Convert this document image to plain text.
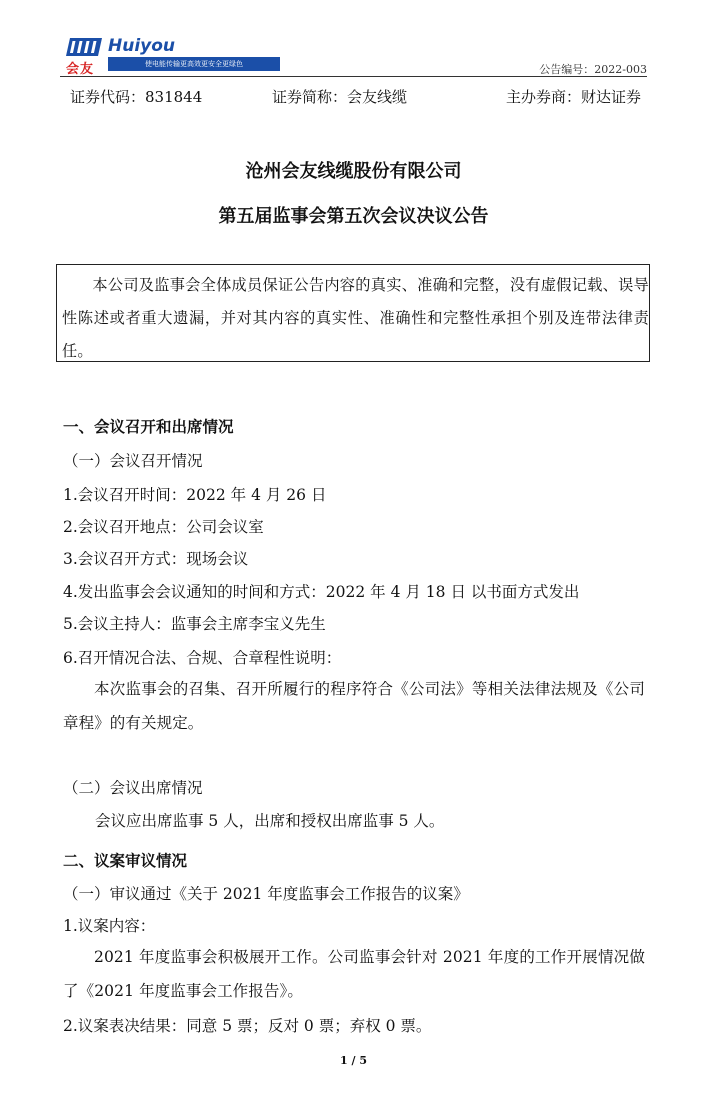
会友
Huiyou
使电能传输更高效更安全更绿色	公告编号：2022-003
证券代码：831844	证券简称：会友线缆	主办券商：财达证券
沧州会友线缆股份有限公司
第五届监事会第五次会议决议公告
本公司及监事会全体成员保证公告内容的真实、准确和完整，没有虚假记载、误导性陈述或者重大遗漏，并对其内容的真实性、准确性和完整性承担个别及连带法律责任。
一、会议召开和出席情况
（一）会议召开情况
1.会议召开时间：2022 年 4 月 26 日
2.会议召开地点：公司会议室
3.会议召开方式：现场会议
4.发出监事会会议通知的时间和方式：2022 年 4 月 18 日 以书面方式发出
5.会议主持人：监事会主席李宝义先生
6.召开情况合法、合规、合章程性说明：
本次监事会的召集、召开所履行的程序符合《公司法》等相关法律法规及《公司章程》的有关规定。
（二）会议出席情况
会议应出席监事 5 人，出席和授权出席监事 5 人。
二、议案审议情况
（一）审议通过《关于 2021 年度监事会工作报告的议案》
1.议案内容：
2021 年度监事会积极展开工作。公司监事会针对 2021 年度的工作开展情况做了《2021 年度监事会工作报告》。
2.议案表决结果：同意 5 票；反对 0 票；弃权 0 票。
1 / 5
